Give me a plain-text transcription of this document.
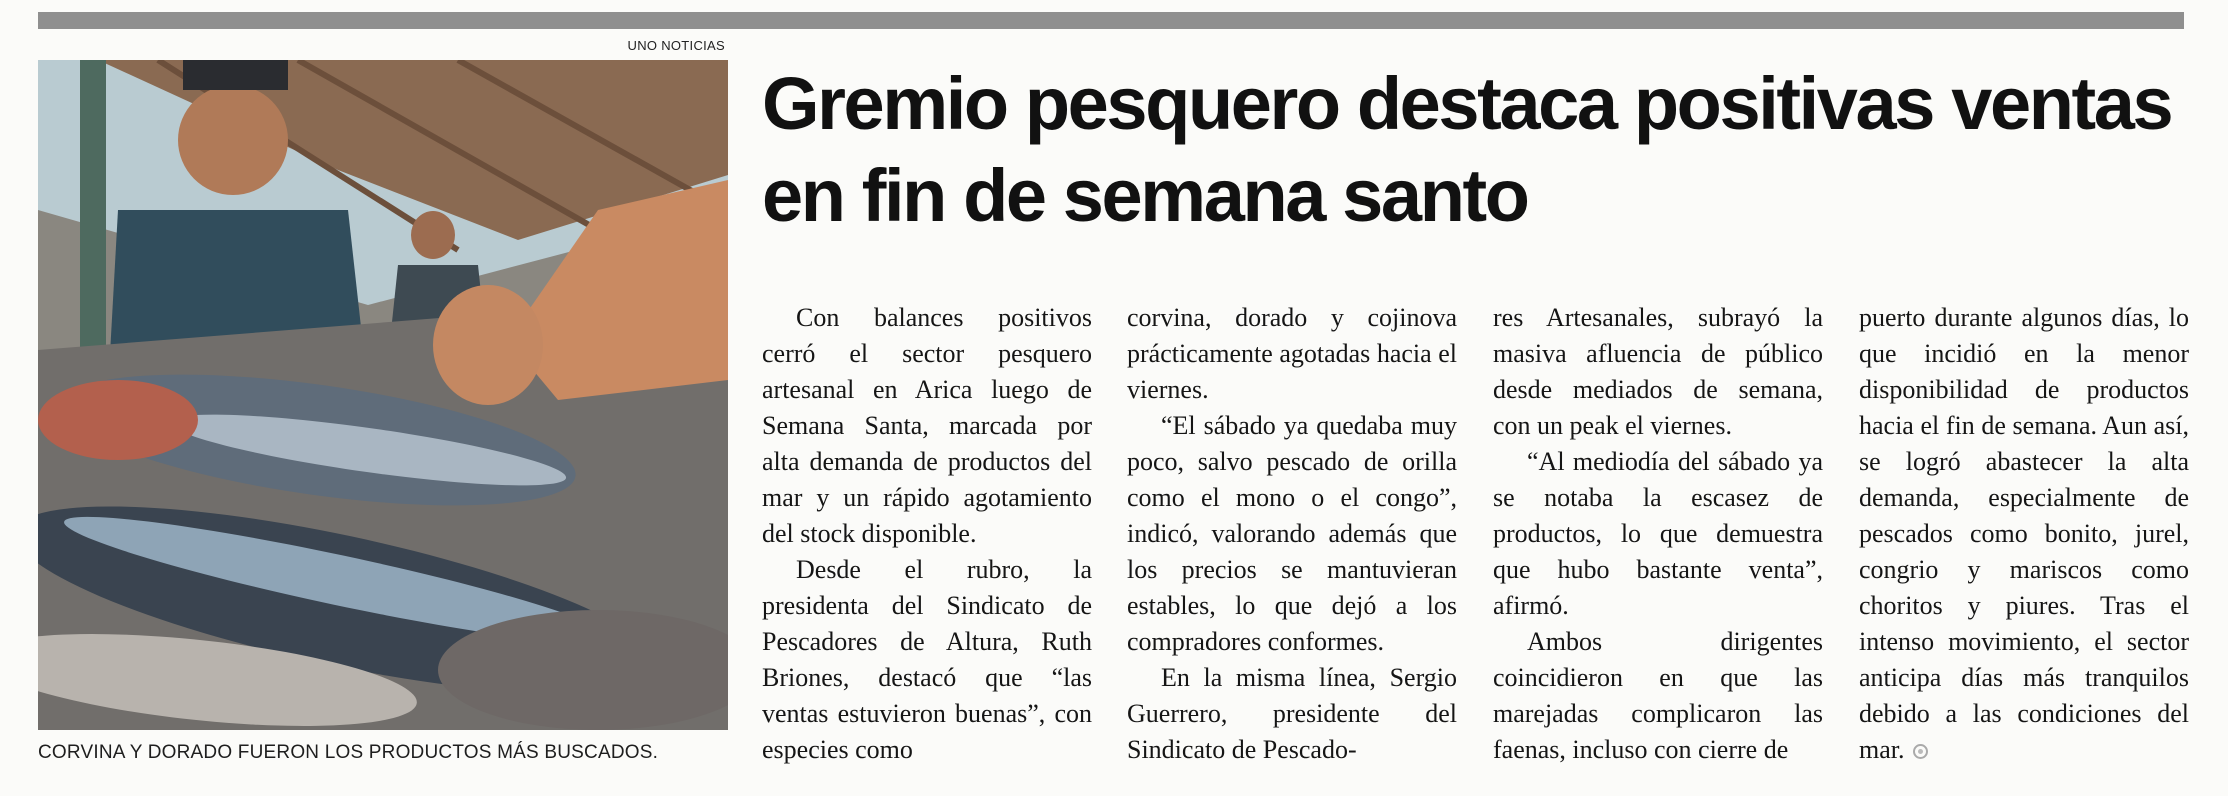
UNO NOTICIAS
CORVINA Y DORADO FUERON LOS PRODUCTOS MÁS BUSCADOS.
Gremio pesquero destaca positivas ventas en fin de semana santo

Con balances positivos cerró el sector pesquero artesanal en Arica luego de Semana Santa, marcada por alta demanda de productos del mar y un rápido agotamiento del stock disponible.

Desde el rubro, la presidenta del Sindicato de Pescadores de Altura, Ruth Briones, destacó que “las ventas estuvieron buenas”, con especies como

corvina, dorado y cojinova prácticamente agotadas hacia el viernes.

“El sábado ya quedaba muy poco, salvo pescado de orilla como el mono o el congo”, indicó, valorando además que los precios se mantuvieran estables, lo que dejó a los compradores conformes.

En la misma línea, Sergio Guerrero, presidente del Sindicato de Pescado-

res Artesanales, subrayó la masiva afluencia de público desde mediados de semana, con un peak el viernes.

“Al mediodía del sábado ya se notaba la escasez de productos, lo que demuestra que hubo bastante venta”, afirmó.

Ambos dirigentes coincidieron en que las marejadas complicaron las faenas, incluso con cierre de

puerto durante algunos días, lo que incidió en la menor disponibilidad de productos hacia el fin de semana. Aun así, se logró abastecer la alta demanda, especialmente de pescados como bonito, jurel, congrio y mariscos como choritos y piures. Tras el intenso movimiento, el sector anticipa días más tranquilos debido a las condiciones del mar.
